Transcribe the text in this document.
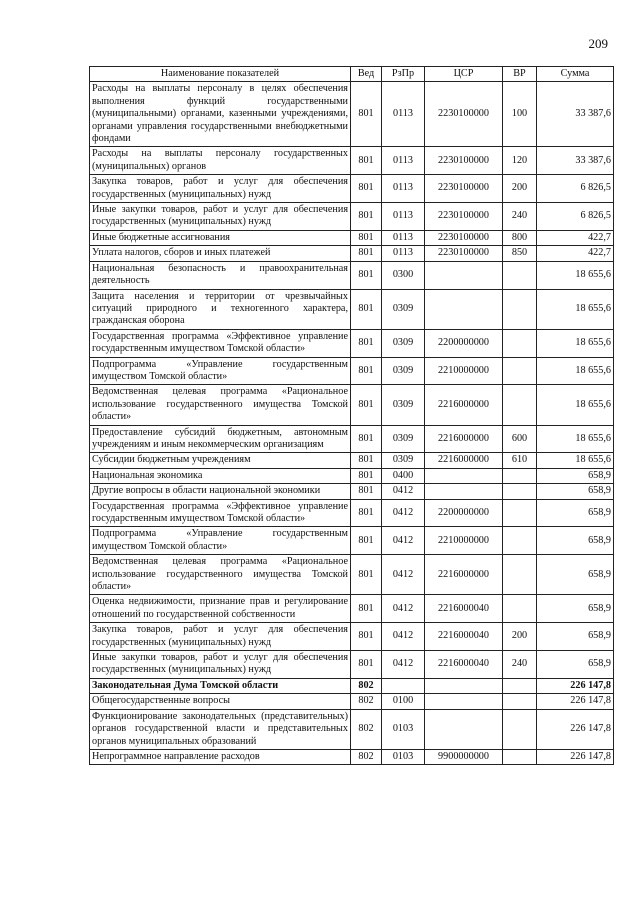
209
Наименование показателей	Вед	РзПр	ЦСР	ВР	Сумма
Расходы на выплаты персоналу в целях обеспечения выполнения функций государственными (муниципальными) органами, казенными учреждениями, органами управления государственными внебюджетными фондами	801	0113	2230100000	100	33 387,6
Расходы на выплаты персоналу государственных (муниципальных) органов	801	0113	2230100000	120	33 387,6
Закупка товаров, работ и услуг для обеспечения государственных (муниципальных) нужд	801	0113	2230100000	200	6 826,5
Иные закупки товаров, работ и услуг для обеспечения государственных (муниципальных) нужд	801	0113	2230100000	240	6 826,5
Иные бюджетные ассигнования	801	0113	2230100000	800	422,7
Уплата налогов, сборов и иных платежей	801	0113	2230100000	850	422,7
Национальная безопасность и правоохранительная деятельность	801	0300			18 655,6
Защита населения и территории от чрезвычайных ситуаций природного и техногенного характера, гражданская оборона	801	0309			18 655,6
Государственная программа «Эффективное управление государственным имуществом Томской области»	801	0309	2200000000		18 655,6
Подпрограмма «Управление государственным имуществом Томской области»	801	0309	2210000000		18 655,6
Ведомственная целевая программа «Рациональное использование государственного имущества Томской области»	801	0309	2216000000		18 655,6
Предоставление субсидий бюджетным, автономным учреждениям и иным некоммерческим организациям	801	0309	2216000000	600	18 655,6
Субсидии бюджетным учреждениям	801	0309	2216000000	610	18 655,6
Национальная экономика	801	0400			658,9
Другие вопросы в области национальной экономики	801	0412			658,9
Государственная программа «Эффективное управление государственным имуществом Томской области»	801	0412	2200000000		658,9
Подпрограмма «Управление государственным имуществом Томской области»	801	0412	2210000000		658,9
Ведомственная целевая программа «Рациональное использование государственного имущества Томской области»	801	0412	2216000000		658,9
Оценка недвижимости, признание прав и регулирование отношений по государственной собственности	801	0412	2216000040		658,9
Закупка товаров, работ и услуг для обеспечения государственных (муниципальных) нужд	801	0412	2216000040	200	658,9
Иные закупки товаров, работ и услуг для обеспечения государственных (муниципальных) нужд	801	0412	2216000040	240	658,9
Законодательная Дума Томской области	802				226 147,8
Общегосударственные вопросы	802	0100			226 147,8
Функционирование законодательных (представительных) органов государственной власти и представительных органов муниципальных образований	802	0103			226 147,8
Непрограммное направление расходов	802	0103	9900000000		226 147,8
